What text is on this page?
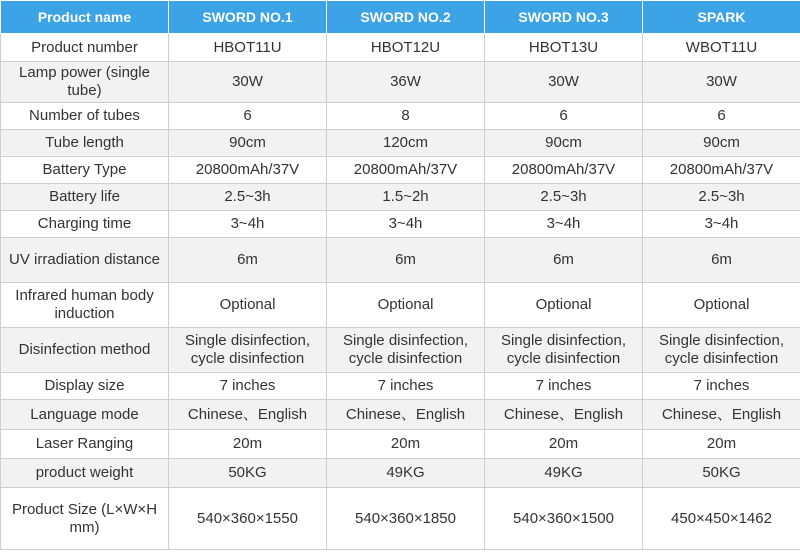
Product name	SWORD NO.1	SWORD NO.2	SWORD NO.3	SPARK
Product number	HBOT11U	HBOT12U	HBOT13U	WBOT11U
Lamp power (single tube)	30W	36W	30W	30W
Number of tubes	6	8	6	6
Tube length	90cm	120cm	90cm	90cm
Battery Type	20800mAh/37V	20800mAh/37V	20800mAh/37V	20800mAh/37V
Battery life	2.5~3h	1.5~2h	2.5~3h	2.5~3h
Charging time	3~4h	3~4h	3~4h	3~4h
UV irradiation distance	6m	6m	6m	6m
Infrared human body induction	Optional	Optional	Optional	Optional
Disinfection method	Single disinfection, cycle disinfection	Single disinfection, cycle disinfection	Single disinfection, cycle disinfection	Single disinfection, cycle disinfection
Display size	7 inches	7 inches	7 inches	7 inches
Language mode	Chinese、English	Chinese、English	Chinese、English	Chinese、English
Laser Ranging	20m	20m	20m	20m
product weight	50KG	49KG	49KG	50KG
Product Size (L×W×H mm)	540×360×1550	540×360×1850	540×360×1500	450×450×1462
